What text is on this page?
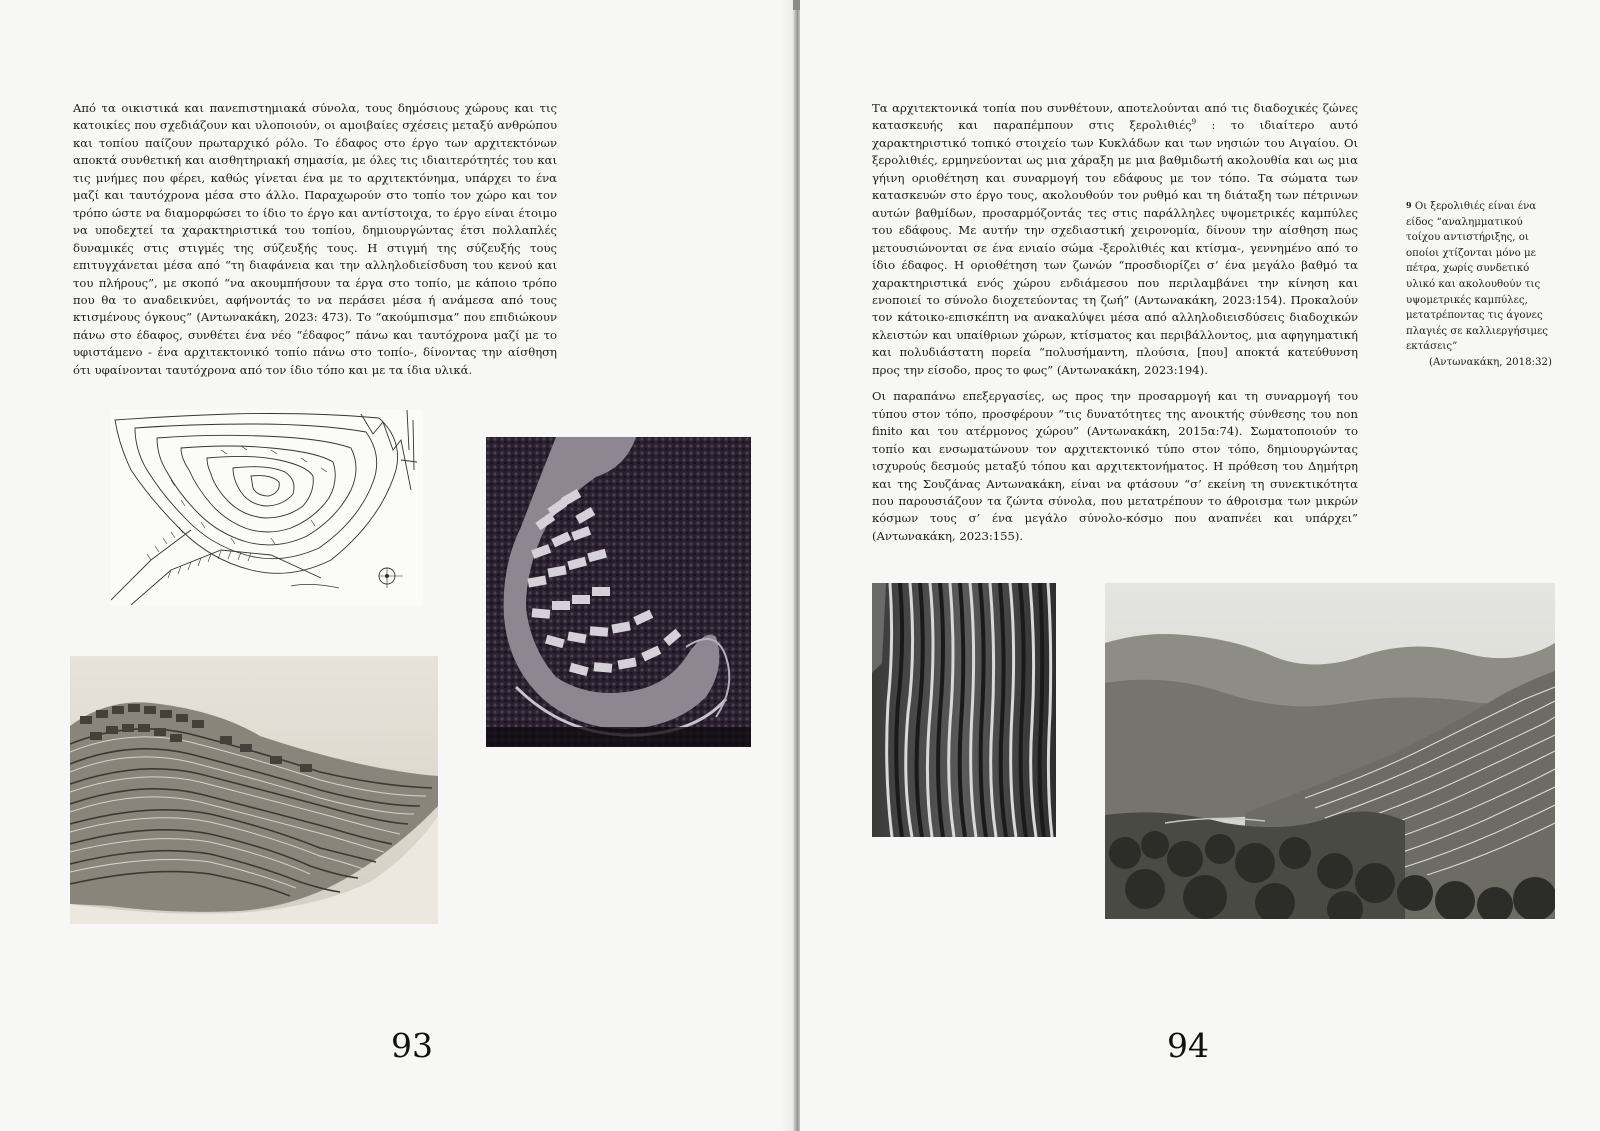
Από τα οικιστικά και πανεπιστημιακά σύνολα, τους δημόσιους χώρους και τις κατοικίες που σχεδιάζουν και υλοποιούν, οι αμοιβαίες σχέσεις μεταξύ ανθρώπου και τοπίου παίζουν πρωταρχικό ρόλο. Το έδαφος στο έργο των αρχιτεκτόνων αποκτά συνθετική και αισθητηριακή σημασία, με όλες τις ιδιαιτερότητές του και τις μνήμες που φέρει, καθώς γίνεται ένα με το αρχιτεκτόνημα, υπάρχει το ένα μαζί και ταυτόχρονα μέσα στο άλλο. Παραχωρούν στο τοπίο τον χώρο και τον τρόπο ώστε να διαμορφώσει το ίδιο το έργο και αντίστοιχα, το έργο είναι έτοιμο να υποδεχτεί τα χαρακτηριστικά του τοπίου, δημιουργώντας έτσι πολλαπλές δυναμικές στις στιγμές της σύζευξής τους. Η στιγμή της σύζευξής τους επιτυγχάνεται μέσα από “τη διαφάνεια και την αλληλοδιείσδυση του κενού και του πλήρους”, με σκοπό “να ακουμπήσουν τα έργα στο τοπίο, με κάποιο τρόπο που θα το αναδεικνύει, αφήνοντάς το να περάσει μέσα ή ανάμεσα από τους κτισμένους όγκους” (Αντωνακάκη, 2023: 473). Το “ακούμπισμα” που επιδιώκουν πάνω στο έδαφος, συνθέτει ένα νέο “έδαφος” πάνω και ταυτόχρονα μαζί με το υφιστάμενο - ένα αρχιτεκτονικό τοπίο πάνω στο τοπίο-, δίνοντας την αίσθηση ότι υφαίνονται ταυτόχρονα από τον ίδιο τόπο και με τα ίδια υλικά.

93

Τα αρχιτεκτονικά τοπία που συνθέτουν, αποτελούνται από τις διαδοχικές ζώνες κατασκευής και παραπέμπουν στις ξερολιθιές$^9$ : το ιδιαίτερο αυτό χαρακτηριστικό τοπικό στοιχείο των Κυκλάδων και των νησιών του Αιγαίου. Οι ξερολιθιές, ερμηνεύονται ως μια χάραξη με μια βαθμιδωτή ακολουθία και ως μια γήινη οριοθέτηση και συναρμογή του εδάφους με τον τόπο. Τα σώματα των κατασκευών στο έργο τους, ακολουθούν τον ρυθμό και τη διάταξη των πέτρινων αυτών βαθμίδων, προσαρμόζοντάς τες στις παράλληλες υψομετρικές καμπύλες του εδάφους. Με αυτήν την σχεδιαστική χειρονομία, δίνουν την αίσθηση πως μετουσιώνονται σε ένα ενιαίο σώμα -ξερολιθιές και κτίσμα-, γεννημένο από το ίδιο έδαφος. Η οριοθέτηση των ζωνών “προσδιορίζει σ’ ένα μεγάλο βαθμό τα χαρακτηριστικά ενός χώρου ενδιάμεσου που περιλαμβάνει την κίνηση και ενοποιεί το σύνολο διοχετεύοντας τη ζωή” (Αντωνακάκη, 2023:154). Προκαλούν τον κάτοικο-επισκέπτη να ανακαλύψει μέσα από αλληλοδιεισδύσεις διαδοχικών κλειστών και υπαίθριων χώρων, κτίσματος και περιβάλλοντος, μια αφηγηματική και πολυδιάστατη πορεία “πολυσήμαντη, πλούσια, [που] αποκτά κατεύθυνση προς την είσοδο, προς το φως” (Αντωνακάκη, 2023:194).

Οι παραπάνω επεξεργασίες, ως προς την προσαρμογή και τη συναρμογή του τύπου στον τόπο, προσφέρουν “τις δυνατότητες της ανοικτής σύνθεσης του non finito και του ατέρμονος χώρου” (Αντωνακάκη, 2015α:74). Σωματοποιούν το τοπίο και ενσωματώνουν τον αρχιτεκτονικό τύπο στον τόπο, δημιουργώντας ισχυρούς δεσμούς μεταξύ τόπου και αρχιτεκτονήματος. Η πρόθεση του Δημήτρη και της Σουζάνας Αντωνακάκη, είναι να φτάσουν “σ’ εκείνη τη συνεκτικότητα που παρουσιάζουν τα ζώντα σύνολα, που μετατρέπουν το άθροισμα των μικρών κόσμων τους σ’ ένα μεγάλο σύνολο-κόσμο που αναπνέει και υπάρχει” (Αντωνακάκη, 2023:155).

9 Οι ξερολιθιές είναι ένα είδος “αναλημματικού τοίχου αντιστήριξης, οι οποίοι χτίζονται μόνο με πέτρα, χωρίς συνδετικό υλικό και ακολουθούν τις υψομετρικές καμπύλες, μετατρέποντας τις άγονες πλαγιές σε καλλιεργήσιμες εκτάσεις”
(Αντωνακάκη, 2018:32)
94
